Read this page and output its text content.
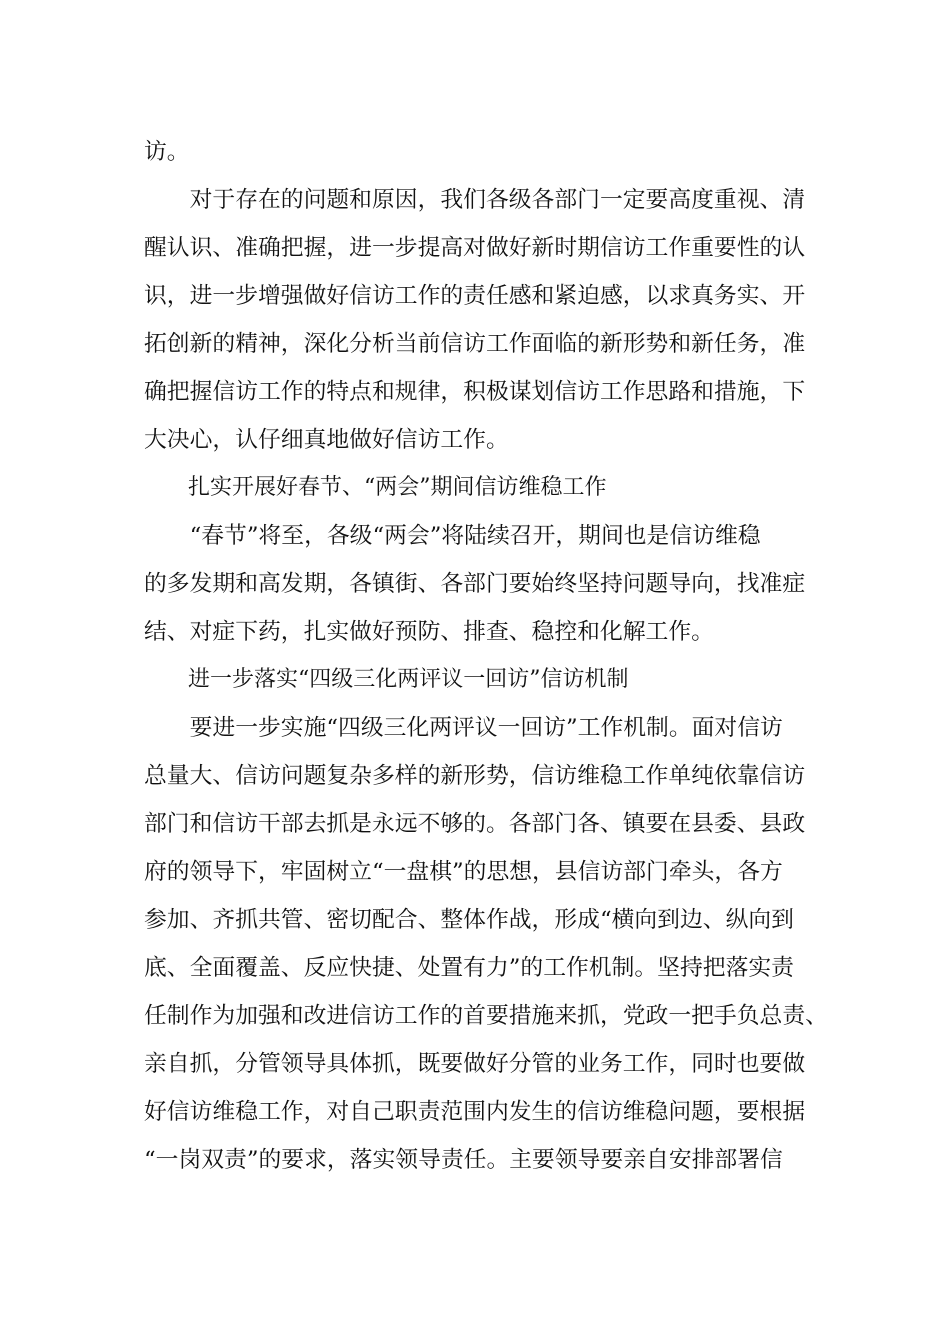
访。

　　对于存在的问题和原因，我们各级各部门一定要高度重视、清

醒认识、准确把握，进一步提高对做好新时期信访工作重要性的认

识，进一步增强做好信访工作的责任感和紧迫感，以求真务实、开

拓创新的精神，深化分析当前信访工作面临的新形势和新任务，准

确把握信访工作的特点和规律，积极谋划信访工作思路和措施，下

大决心，认仔细真地做好信访工作。

　　扎实开展好春节、“两会”期间信访维稳工作

　　“春节”将至，各级“两会”将陆续召开，期间也是信访维稳

的多发期和高发期，各镇街、各部门要始终坚持问题导向，找准症

结、对症下药，扎实做好预防、排查、稳控和化解工作。

　　进一步落实“四级三化两评议一回访”信访机制

　　要进一步实施“四级三化两评议一回访”工作机制。面对信访

总量大、信访问题复杂多样的新形势，信访维稳工作单纯依靠信访

部门和信访干部去抓是永远不够的。各部门各、镇要在县委、县政

府的领导下，牢固树立“一盘棋”的思想，县信访部门牵头，各方

参加、齐抓共管、密切配合、整体作战，形成“横向到边、纵向到

底、全面覆盖、反应快捷、处置有力”的工作机制。坚持把落实责

任制作为加强和改进信访工作的首要措施来抓，党政一把手负总责、

亲自抓，分管领导具体抓，既要做好分管的业务工作，同时也要做

好信访维稳工作，对自己职责范围内发生的信访维稳问题，要根据

“一岗双责”的要求，落实领导责任。主要领导要亲自安排部署信
